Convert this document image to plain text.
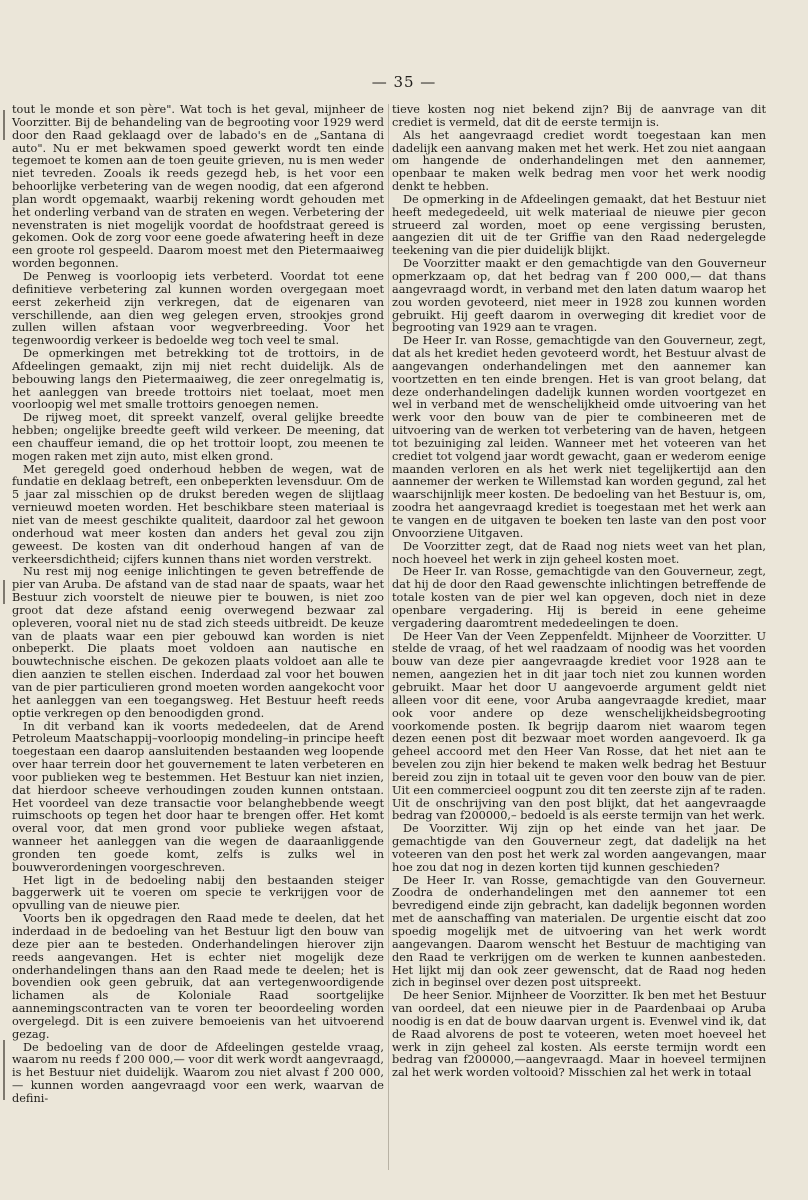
— 35 —

tout le monde et son père". Wat toch is het geval, mijnheer de Voorzitter. Bij de behandeling van de begrooting voor 1929 werd door den Raad geklaagd over de labado's en de „Santana di auto". Nu er met bekwamen spoed gewerkt wordt ten einde tegemoet te komen aan de toen geuite grieven, nu is men weder niet tevreden. Zooals ik reeds gezegd heb, is het voor een behoorlijke verbetering van de wegen noodig, dat een afgerond plan wordt opgemaakt, waarbij rekening wordt gehouden met het onderling verband van de straten en wegen. Verbetering der nevenstraten is niet mogelijk voordat de hoofdstraat gereed is gekomen. Ook de zorg voor eene goede afwatering heeft in deze een groote rol gespeeld. Daarom moest met den Pietermaaiweg worden begonnen.

De Penweg is voorloopig iets verbeterd. Voordat tot eene definitieve verbetering zal kunnen worden overgegaan moet eerst zekerheid zijn verkregen, dat de eigenaren van verschillende, aan dien weg gelegen erven, strookjes grond zullen willen afstaan voor wegverbreeding. Voor het tegenwoordig verkeer is bedoelde weg toch veel te smal.

De opmerkingen met betrekking tot de trottoirs, in de Afdeelingen gemaakt, zijn mij niet recht duidelijk. Als de bebouwing langs den Pietermaaiweg, die zeer onregelmatig is, het aanleggen van breede trottoirs niet toelaat, moet men voorloopig wel met smalle trottoirs genoegen nemen.

De rijweg moet, dit spreekt vanzelf, overal gelijke breedte hebben; ongelijke breedte geeft wild verkeer. De meening, dat een chauffeur iemand, die op het trottoir loopt, zou meenen te mogen raken met zijn auto, mist elken grond.

Met geregeld goed onderhoud hebben de wegen, wat de fundatie en deklaag betreft, een onbeperkten levensduur. Om de 5 jaar zal misschien op de drukst bereden wegen de slijtlaag vernieuwd moeten worden. Het beschikbare steen materiaal is niet van de meest geschikte qualiteit, daardoor zal het gewoon onderhoud wat meer kosten dan anders het geval zou zijn geweest. De kosten van dit onderhoud hangen af van de verkeersdichtheid; cijfers kunnen thans niet worden verstrekt.

Nu rest mij nog eenige inlichtingen te geven betreffende de pier van Aruba. De afstand van de stad naar de spaats, waar het Bestuur zich voorstelt de nieuwe pier te bouwen, is niet zoo groot dat deze afstand eenig overwegend bezwaar zal opleveren, vooral niet nu de stad zich steeds uitbreidt. De keuze van de plaats waar een pier gebouwd kan worden is niet onbeperkt. Die plaats moet voldoen aan nautische en bouwtechnische eischen. De gekozen plaats voldoet aan alle te dien aanzien te stellen eischen. Inderdaad zal voor het bouwen van de pier particulieren grond moeten worden aangekocht voor het aanleggen van een toegangsweg. Het Bestuur heeft reeds optie verkregen op den benoodigden grond.

In dit verband kan ik voorts mededeelen, dat de Arend Petroleum Maatschappij–voorloopig mondeling–in principe heeft toegestaan een daarop aansluitenden bestaanden weg loopende over haar terrein door het gouvernement te laten verbeteren en voor publieken weg te bestemmen. Het Bestuur kan niet inzien, dat hierdoor scheeve verhoudingen zouden kunnen ontstaan. Het voordeel van deze transactie voor belanghebbende weegt ruimschoots op tegen het door haar te brengen offer. Het komt overal voor, dat men grond voor publieke wegen afstaat, wanneer het aanleggen van die wegen de daaraanliggende gronden ten goede komt, zelfs is zulks wel in bouwverordeningen voorgeschreven.

Het ligt in de bedoeling nabij den bestaanden steiger baggerwerk uit te voeren om specie te verkrijgen voor de opvulling van de nieuwe pier.

Voorts ben ik opgedragen den Raad mede te deelen, dat het inderdaad in de bedoeling van het Bestuur ligt den bouw van deze pier aan te besteden. Onderhandelingen hierover zijn reeds aangevangen. Het is echter niet mogelijk deze onderhandelingen thans aan den Raad mede te deelen; het is bovendien ook geen gebruik, dat aan vertegenwoordigende lichamen als de Koloniale Raad soortgelijke aannemingscontracten van te voren ter beoordeeling worden overgelegd. Dit is een zuivere bemoeienis van het uitvoerend gezag.

De bedoeling van de door de Afdeelingen gestelde vraag, waarom nu reeds f 200 000,— voor dit werk wordt aangevraagd, is het Bestuur niet duidelijk. Waarom zou niet alvast f 200 000,— kunnen worden aangevraagd voor een werk, waarvan de defini-

tieve kosten nog niet bekend zijn? Bij de aanvrage van dit crediet is vermeld, dat dit de eerste termijn is.

Als het aangevraagd crediet wordt toegestaan kan men dadelijk een aanvang maken met het werk. Het zou niet aangaan om hangende de onderhandelingen met den aannemer, openbaar te maken welk bedrag men voor het werk noodig denkt te hebben.

De opmerking in de Afdeelingen gemaakt, dat het Bestuur niet heeft medegedeeld, uit welk materiaal de nieuwe pier gecon strueerd zal worden, moet op eene vergissing berusten, aangezien dit uit de ter Griffie van den Raad nedergelegde teekening van die pier duidelijk blijkt.

De Voorzitter maakt er den gemachtigde van den Gouverneur opmerkzaam op, dat het bedrag van f 200 000,— dat thans aangevraagd wordt, in verband met den laten datum waarop het zou worden gevoteerd, niet meer in 1928 zou kunnen worden gebruikt. Hij geeft daarom in overweging dit krediet voor de begrooting van 1929 aan te vragen.

De Heer Ir. van Rosse, gemachtigde van den Gouverneur, zegt, dat als het krediet heden gevoteerd wordt, het Bestuur alvast de aangevangen onderhandelingen met den aannemer kan voortzetten en ten einde brengen. Het is van groot belang, dat deze onderhandelingen dadelijk kunnen worden voortgezet en wel in verband met de wenschelijkheid omde uitvoering van het werk voor den bouw van de pier te combineeren met de uitvoering van de werken tot verbetering van de haven, hetgeen tot bezuiniging zal leiden. Wanneer met het voteeren van het crediet tot volgend jaar wordt gewacht, gaan er wederom eenige maanden verloren en als het werk niet tegelijkertijd aan den aannemer der werken te Willemstad kan worden gegund, zal het waarschijnlijk meer kosten. De bedoeling van het Bestuur is, om, zoodra het aangevraagd krediet is toegestaan met het werk aan te vangen en de uitgaven te boeken ten laste van den post voor Onvoorziene Uitgaven.

De Voorzitter zegt, dat de Raad nog niets weet van het plan, noch hoeveel het werk in zijn geheel kosten moet.

De Heer Ir. van Rosse, gemachtigde van den Gouverneur, zegt, dat hij de door den Raad gewenschte inlichtingen betreffende de totale kosten van de pier wel kan opgeven, doch niet in deze openbare vergadering. Hij is bereid in eene geheime vergadering daaromtrent mededeelingen te doen.

De Heer Van der Veen Zeppenfeldt. Mijnheer de Voorzitter. U stelde de vraag, of het wel raadzaam of noodig was het voorden bouw van deze pier aangevraagde krediet voor 1928 aan te nemen, aangezien het in dit jaar toch niet zou kunnen worden gebruikt. Maar het door U aangevoerde argument geldt niet alleen voor dit eene, voor Aruba aangevraagde krediet, maar ook voor andere op deze wenschelijkheidsbegrooting voorkomende posten. Ik begrijp daarom niet waarom tegen dezen eenen post dit bezwaar moet worden aangevoerd. Ik ga geheel accoord met den Heer Van Rosse, dat het niet aan te bevelen zou zijn hier bekend te maken welk bedrag het Bestuur bereid zou zijn in totaal uit te geven voor den bouw van de pier. Uit een commercieel oogpunt zou dit ten zeerste zijn af te raden. Uit de onschrijving van den post blijkt, dat het aangevraagde bedrag van f200000,– bedoeld is als eerste termijn van het werk.

De Voorzitter. Wij zijn op het einde van het jaar. De gemachtigde van den Gouverneur zegt, dat dadelijk na het voteeren van den post het werk zal worden aangevangen, maar hoe zou dat nog in dezen korten tijd kunnen geschieden?

De Heer Ir. van Rosse, gemachtigde van den Gouverneur. Zoodra de onderhandelingen met den aannemer tot een bevredigend einde zijn gebracht, kan dadelijk begonnen worden met de aanschaffing van materialen. De urgentie eischt dat zoo spoedig mogelijk met de uitvoering van het werk wordt aangevangen. Daarom wenscht het Bestuur de machtiging van den Raad te verkrijgen om de werken te kunnen aanbesteden. Het lijkt mij dan ook zeer gewenscht, dat de Raad nog heden zich in beginsel over dezen post uitspreekt.

De heer Senior. Mijnheer de Voorzitter. Ik ben met het Bestuur van oordeel, dat een nieuwe pier in de Paardenbaai op Aruba noodig is en dat de bouw daarvan urgent is. Evenwel vind ik, dat de Raad alvorens de post te voteeren, weten moet hoeveel het werk in zijn geheel zal kosten. Als eerste termijn wordt een bedrag van f200000,—aangevraagd. Maar in hoeveel termijnen zal het werk worden voltooid? Misschien zal het werk in totaal
